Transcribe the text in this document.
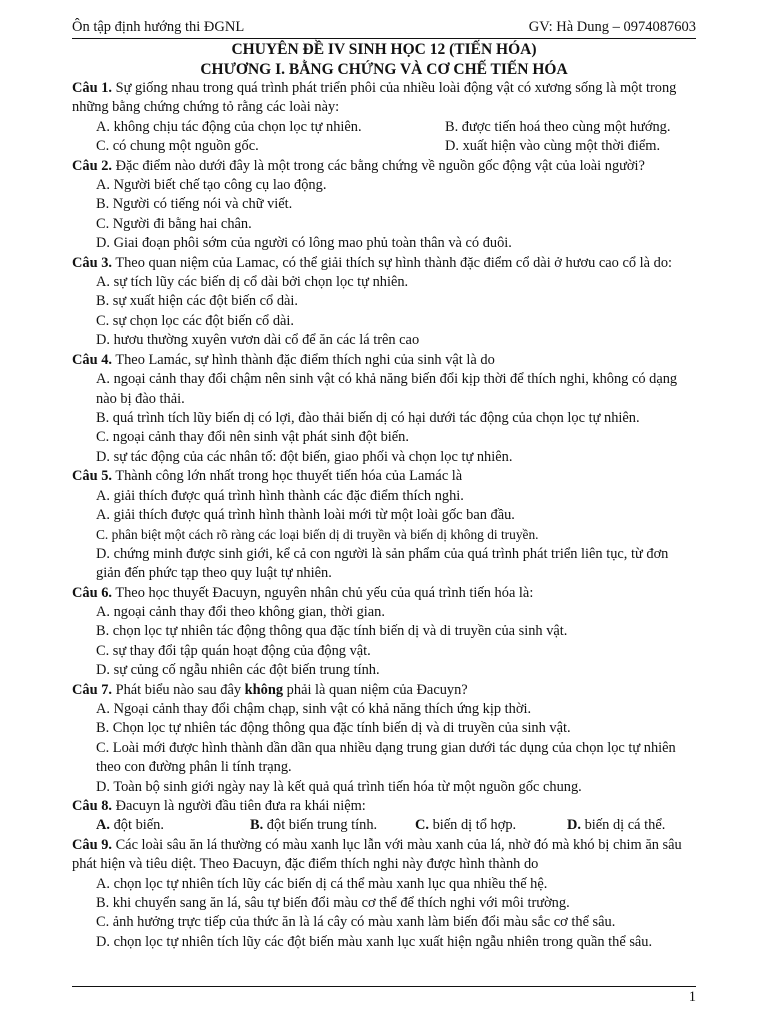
Ôn tập định hướng thi ĐGNL	GV: Hà Dung – 0974087603
CHUYÊN ĐỀ IV SINH HỌC 12 (TIẾN HÓA)
CHƯƠNG I. BẰNG CHỨNG VÀ CƠ CHẾ TIẾN HÓA
Câu 1. Sự giống nhau trong quá trình phát triển phôi của nhiều loài động vật có xương sống là một trong những bằng chứng chứng tỏ rằng các loài này:
A. không chịu tác động của chọn lọc tự nhiên.	B. được tiến hoá theo cùng một hướng.
C. có chung một nguồn gốc.	D. xuất hiện vào cùng một thời điểm.
Câu 2. Đặc điểm nào dưới đây là một trong các bằng chứng về nguồn gốc động vật của loài người?
A. Người biết chế tạo công cụ lao động.
B. Người có tiếng nói và chữ viết.
C. Người đi bằng hai chân.
D. Giai đoạn phôi sớm của người có lông mao phủ toàn thân và có đuôi.
Câu 3. Theo quan niệm của Lamac, có thể giải thích sự hình thành đặc điểm cổ dài ở hươu cao cổ là do:
A. sự tích lũy các biến dị cổ dài bởi chọn lọc tự nhiên.
B. sự xuất hiện các đột biến cổ dài.
C. sự chọn lọc các đột biến cổ dài.
D. hươu thường xuyên vươn dài cổ để ăn các lá trên cao
Câu 4. Theo Lamác, sự hình thành đặc điểm thích nghi của sinh vật là do
A. ngoại cảnh thay đổi chậm nên sinh vật có khả năng biến đổi kịp thời để thích nghi, không có dạng nào bị đào thải.
B. quá trình tích lũy biến dị có lợi, đào thải biến dị có hại dưới tác động của chọn lọc tự nhiên.
C. ngoại cảnh thay đổi nên sinh vật phát sinh đột biến.
D. sự tác động của các nhân tố: đột biến, giao phối và chọn lọc tự nhiên.
Câu 5. Thành công lớn nhất trong học thuyết tiến hóa của Lamác là
A. giải thích được quá trình hình thành các đặc điểm thích nghi.
A. giải thích được quá trình hình thành loài mới từ một loài gốc ban đầu.
C. phân biệt một cách rõ ràng các loại biến dị di truyền và biến dị không di truyền.
D. chứng minh được sinh giới, kể cả con người là sản phẩm của quá trình phát triển liên tục, từ đơn giản đến phức tạp theo quy luật tự nhiên.
Câu 6. Theo học thuyết Đacuyn, nguyên nhân chủ yếu của quá trình tiến hóa là:
A. ngoại cảnh thay đổi theo không gian, thời gian.
B. chọn lọc tự nhiên tác động thông qua đặc tính biến dị và di truyền của sinh vật.
C. sự thay đổi tập quán hoạt động của động vật.
D. sự củng cố ngẫu nhiên các đột biến trung tính.
Câu 7. Phát biểu nào sau đây không phải là quan niệm của Đacuyn?
A. Ngoại cảnh thay đổi chậm chạp, sinh vật có khả năng thích ứng kịp thời.
B. Chọn lọc tự nhiên tác động thông qua đặc tính biến dị và di truyền của sinh vật.
C. Loài mới được hình thành dần dần qua nhiều dạng trung gian dưới tác dụng của chọn lọc tự nhiên theo con đường phân li tính trạng.
D. Toàn bộ sinh giới ngày nay là kết quả quá trình tiến hóa từ một nguồn gốc chung.
Câu 8. Đacuyn là người đầu tiên đưa ra khái niệm:
A. đột biến.	B. đột biến trung tính.	C. biến dị tổ hợp.	D. biến dị cá thể.
Câu 9. Các loài sâu ăn lá thường có màu xanh lục lẫn với màu xanh của lá, nhờ đó mà khó bị chim ăn sâu phát hiện và tiêu diệt. Theo Đacuyn, đặc điểm thích nghi này được hình thành do
A. chọn lọc tự nhiên tích lũy các biến dị cá thể màu xanh lục qua nhiều thế hệ.
B. khi chuyển sang ăn lá, sâu tự biến đổi màu cơ thể để thích nghi với môi trường.
C. ảnh hưởng trực tiếp của thức ăn là lá cây có màu xanh làm biến đổi màu sắc cơ thể sâu.
D. chọn lọc tự nhiên tích lũy các đột biến màu xanh lục xuất hiện ngẫu nhiên trong quần thể sâu.
1
